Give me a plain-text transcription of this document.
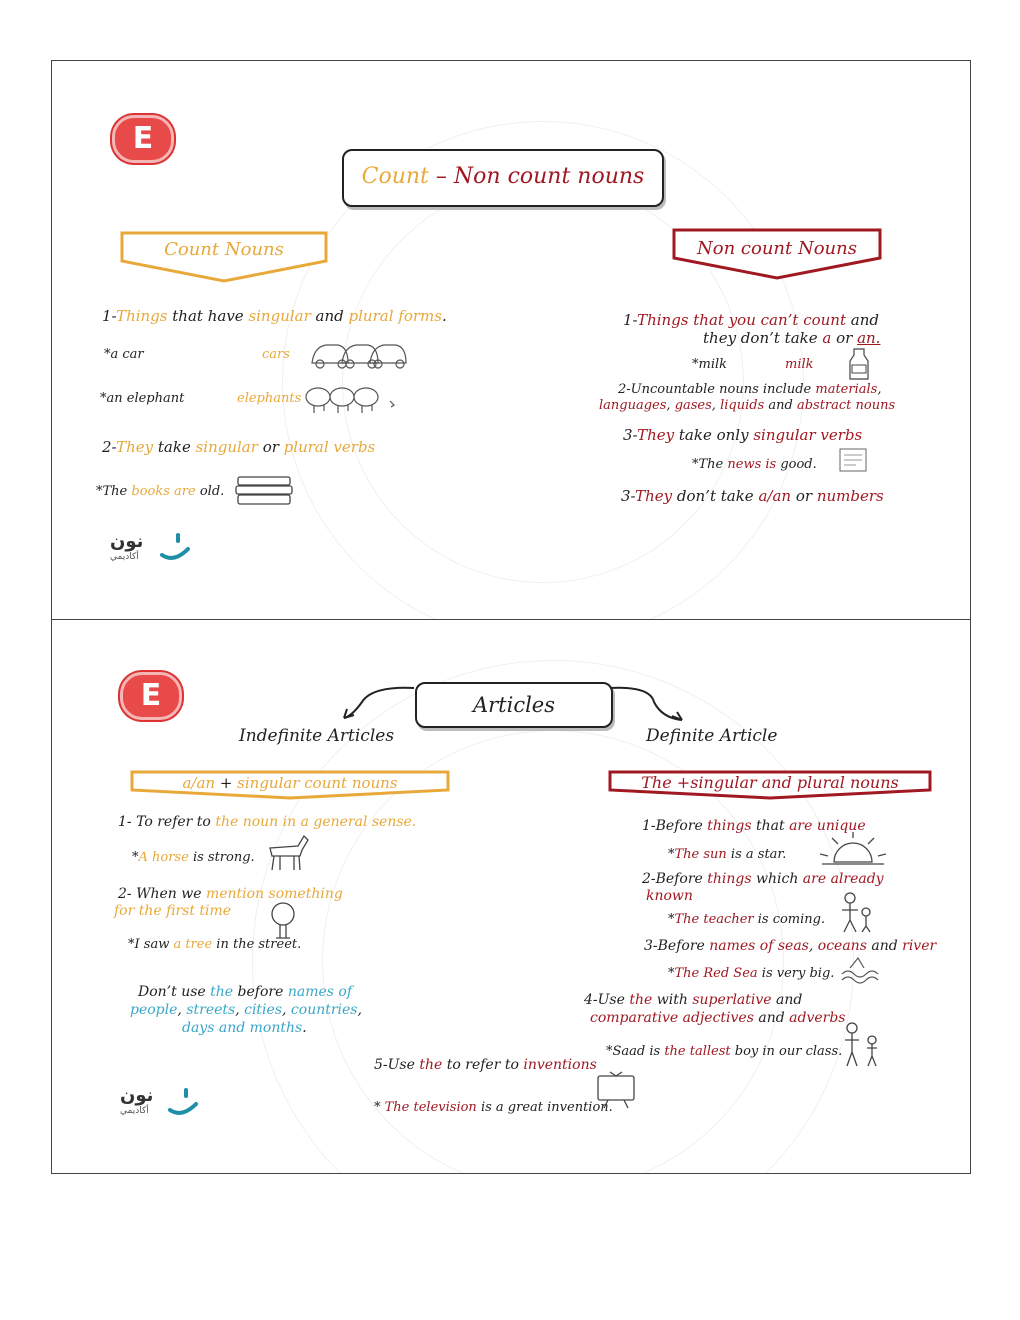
E
Count – Non count nouns
Count Nouns	Non count Nouns
1-Things that have singular and plural forms.
*a car	cars
*an elephant	elephants
2-They take singular or plural verbs
*The books are old.
1-Things that you can’t count and
they don’t take a or an.
*milk	milk
2-Uncountable nouns include materials,
languages, gases, liquids and abstract nouns
3-They take only singular verbs
*The news is good.
3-They don’t take a/an or numbers
نون
أكاديمي
E	Articles
Indefinite Articles	Definite Article
a/an + singular count nouns	The +singular and plural nouns
1- To refer to the noun in a general sense.
*A horse is strong.
2- When we mention something
for the first time
*I saw a tree in the street.
Don’t use the before names of
people, streets, cities, countries,
days and months.
1-Before things that are unique
*The sun is a star.
2-Before things which are already
known
*The teacher is coming.
3-Before names of seas, oceans and river
*The Red Sea is very big.
4-Use the with superlative and
comparative adjectives and adverbs
*Saad is the tallest boy in our class.
5-Use the to refer to inventions
* The television is a great invention.
نون
أكاديمي
